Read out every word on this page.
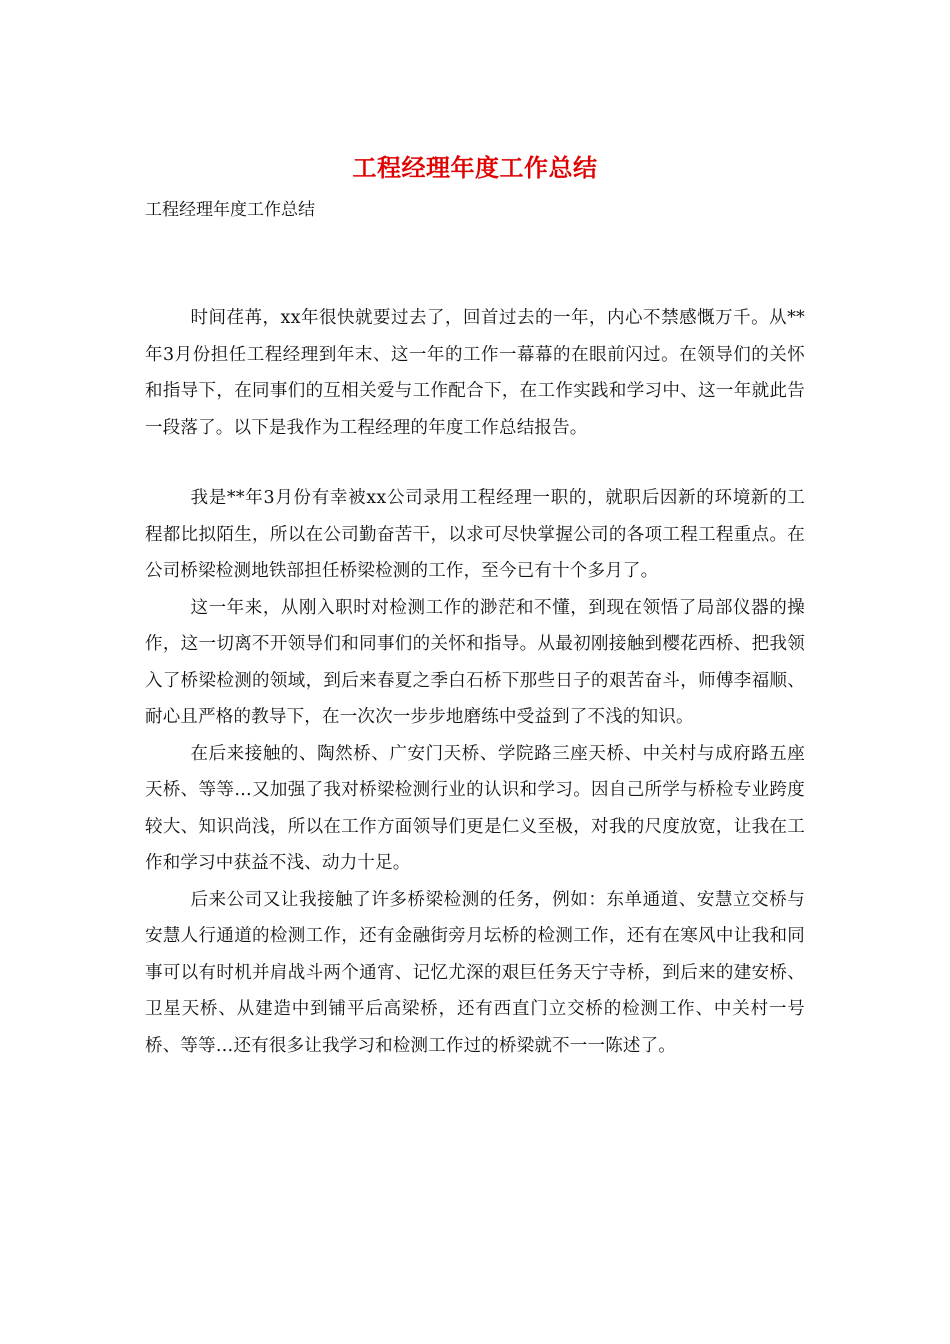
工程经理年度工作总结
工程经理年度工作总结

时间荏苒，xx年很快就要过去了，回首过去的一年，内心不禁感慨万千。从**年3月份担任工程经理到年末、这一年的工作一幕幕的在眼前闪过。在领导们的关怀和指导下，在同事们的互相关爱与工作配合下，在工作实践和学习中、这一年就此告一段落了。以下是我作为工程经理的年度工作总结报告。

我是**年3月份有幸被xx公司录用工程经理一职的，就职后因新的环境新的工程都比拟陌生，所以在公司勤奋苦干，以求可尽快掌握公司的各项工程工程重点。在公司桥梁检测地铁部担任桥梁检测的工作，至今已有十个多月了。

这一年来，从刚入职时对检测工作的渺茫和不懂，到现在领悟了局部仪器的操作，这一切离不开领导们和同事们的关怀和指导。从最初刚接触到樱花西桥、把我领入了桥梁检测的领域，到后来春夏之季白石桥下那些日子的艰苦奋斗，师傅李福顺、耐心且严格的教导下，在一次次一步步地磨练中受益到了不浅的知识。

在后来接触的、陶然桥、广安门天桥、学院路三座天桥、中关村与成府路五座天桥、等等…又加强了我对桥梁检测行业的认识和学习。因自己所学与桥检专业跨度较大、知识尚浅，所以在工作方面领导们更是仁义至极，对我的尺度放宽，让我在工作和学习中获益不浅、动力十足。

后来公司又让我接触了许多桥梁检测的任务，例如：东单通道、安慧立交桥与安慧人行通道的检测工作，还有金融街旁月坛桥的检测工作，还有在寒风中让我和同事可以有时机并肩战斗两个通宵、记忆尤深的艰巨任务天宁寺桥，到后来的建安桥、卫星天桥、从建造中到铺平后高梁桥，还有西直门立交桥的检测工作、中关村一号桥、等等…还有很多让我学习和检测工作过的桥梁就不一一陈述了。
